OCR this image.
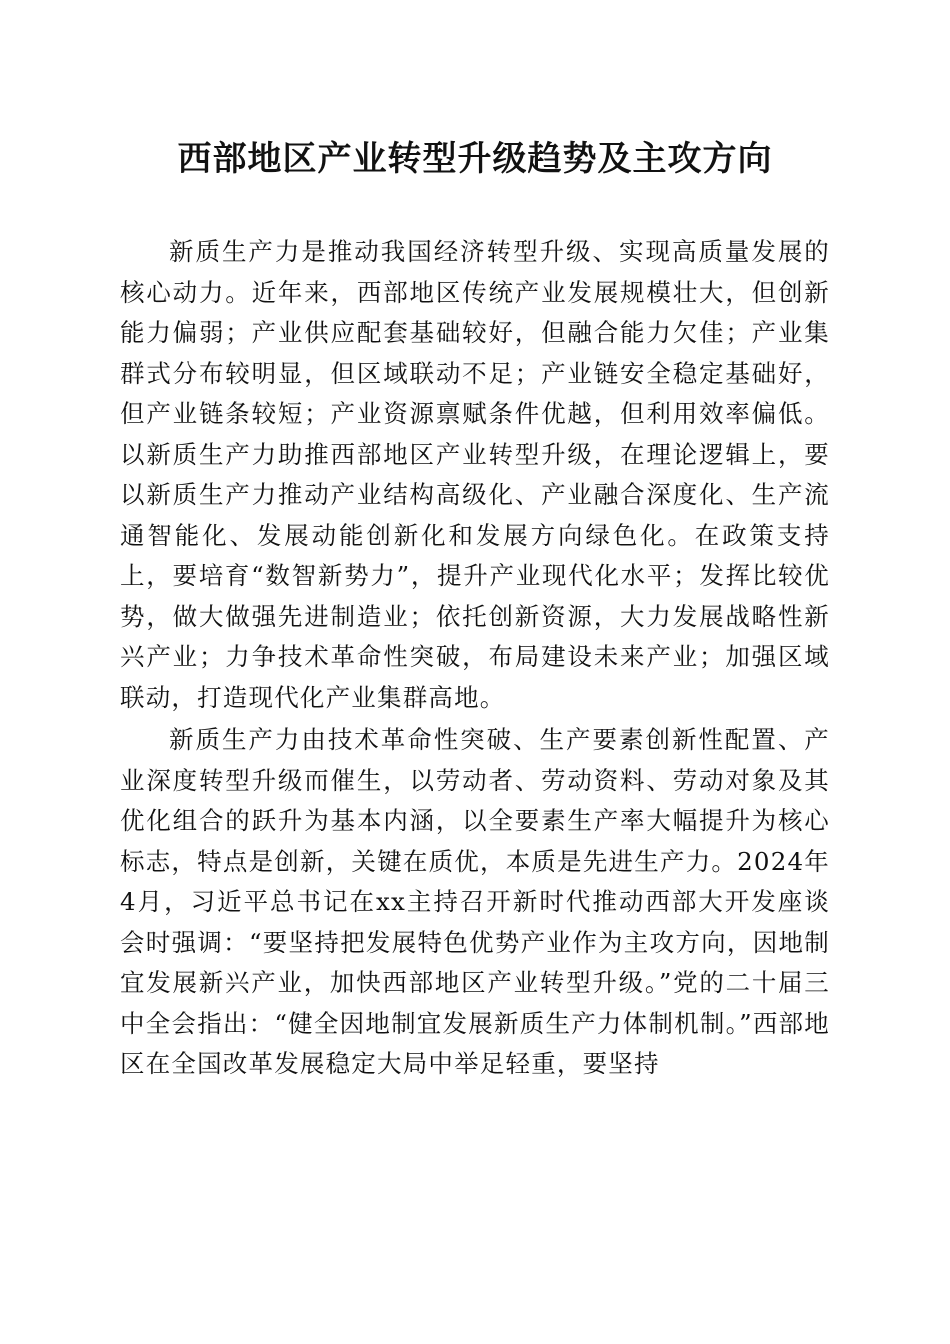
西部地区产业转型升级趋势及主攻方向

新质生产力是推动我国经济转型升级、实现高质量发展的核心动力。近年来，西部地区传统产业发展规模壮大，但创新能力偏弱；产业供应配套基础较好，但融合能力欠佳；产业集群式分布较明显，但区域联动不足；产业链安全稳定基础好，但产业链条较短；产业资源禀赋条件优越，但利用效率偏低。以新质生产力助推西部地区产业转型升级，在理论逻辑上，要以新质生产力推动产业结构高级化、产业融合深度化、生产流通智能化、发展动能创新化和发展方向绿色化。在政策支持上，要培育“数智新势力”，提升产业现代化水平；发挥比较优势，做大做强先进制造业；依托创新资源，大力发展战略性新兴产业；力争技术革命性突破，布局建设未来产业；加强区域联动，打造现代化产业集群高地。

新质生产力由技术革命性突破、生产要素创新性配置、产业深度转型升级而催生，以劳动者、劳动资料、劳动对象及其优化组合的跃升为基本内涵，以全要素生产率大幅提升为核心标志，特点是创新，关键在质优，本质是先进生产力。2024年4月，习近平总书记在xx主持召开新时代推动西部大开发座谈会时强调：“要坚持把发展特色优势产业作为主攻方向，因地制宜发展新兴产业，加快西部地区产业转型升级。”党的二十届三中全会指出：“健全因地制宜发展新质生产力体制机制。”西部地区在全国改革发展稳定大局中举足轻重，要坚持
